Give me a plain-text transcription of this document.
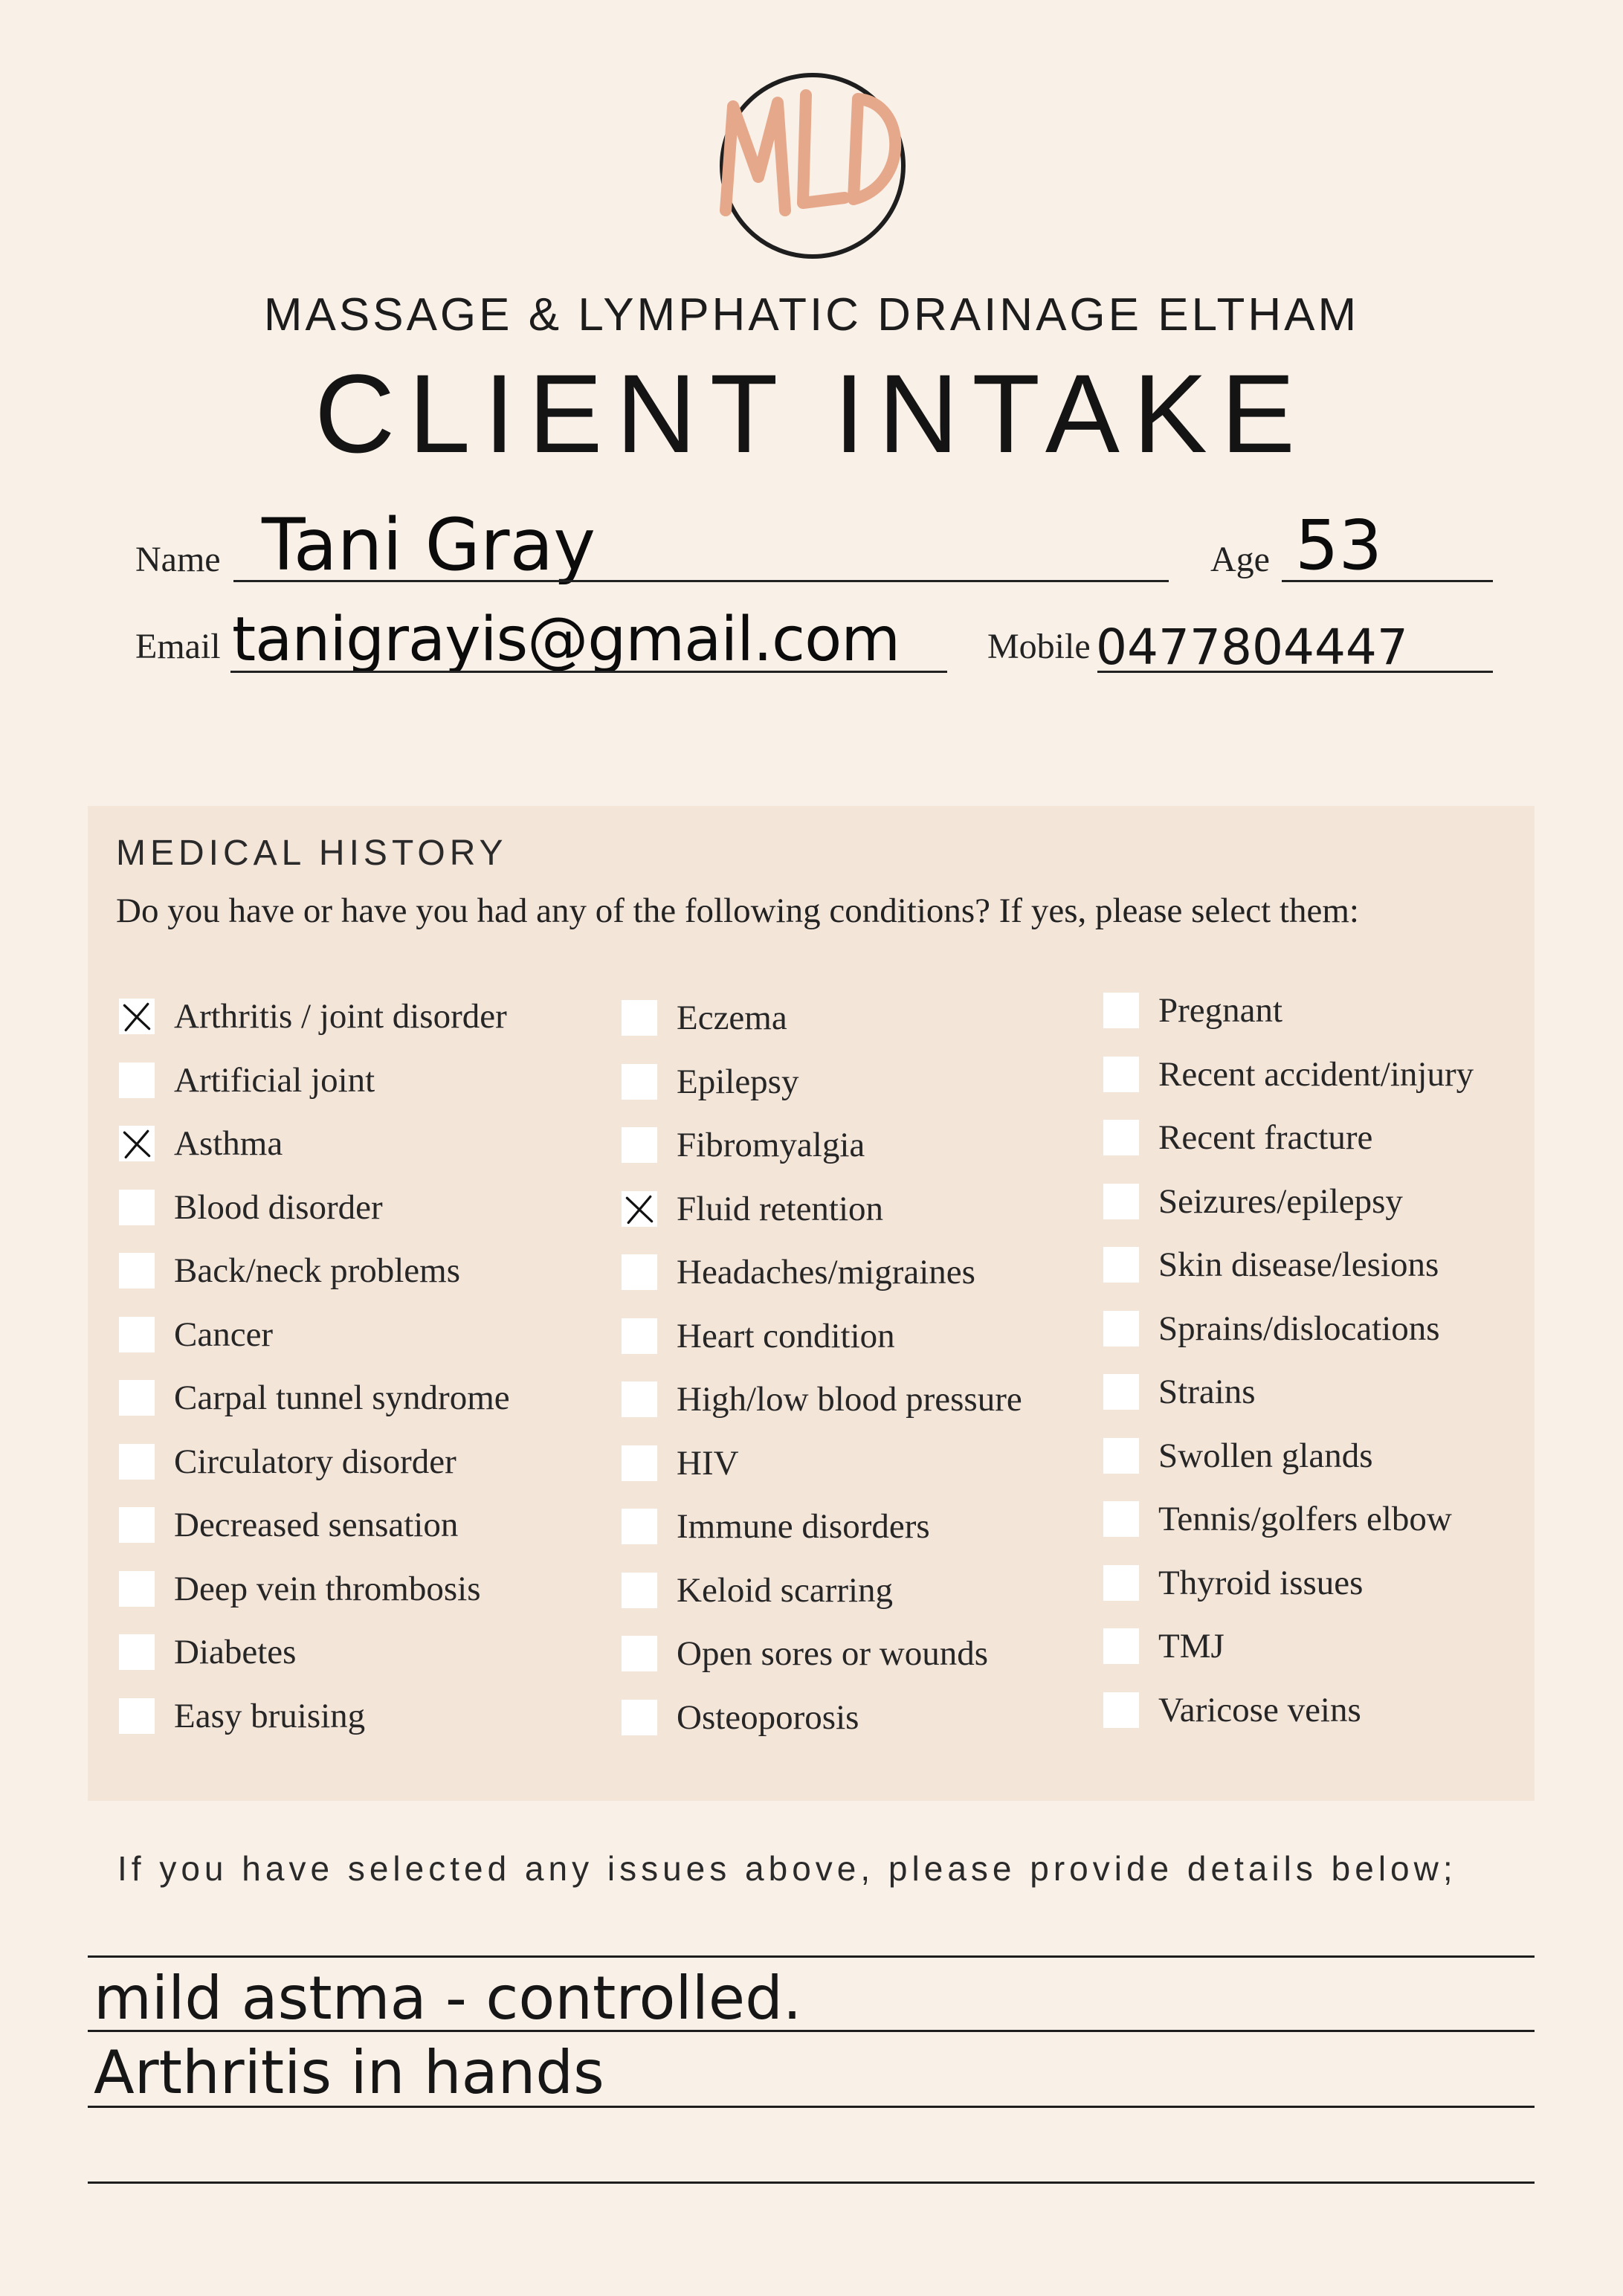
MASSAGE & LYMPHATIC DRAINAGE ELTHAM
CLIENT INTAKE
Name Tani Gray	Age 53
Email tanigrayis@gmail.com Mobile 0477804447
MEDICAL HISTORY
Do you have or have you had any of the following conditions? If yes, please select them:
Arthritis / joint disorder
Artificial joint
Asthma
Blood disorder
Back/neck problems
Cancer
Carpal tunnel syndrome
Circulatory disorder
Decreased sensation
Deep vein thrombosis
Diabetes
Easy bruising
Eczema
Epilepsy
Fibromyalgia
Fluid retention
Headaches/migraines
Heart condition
High/low blood pressure
HIV
Immune disorders
Keloid scarring
Open sores or wounds
Osteoporosis
Pregnant
Recent accident/injury
Recent fracture
Seizures/epilepsy
Skin disease/lesions
Sprains/dislocations
Strains
Swollen glands
Tennis/golfers elbow
Thyroid issues
TMJ
Varicose veins
If you have selected any issues above, please provide details below;
mild astma - controlled.
Arthritis in hands
